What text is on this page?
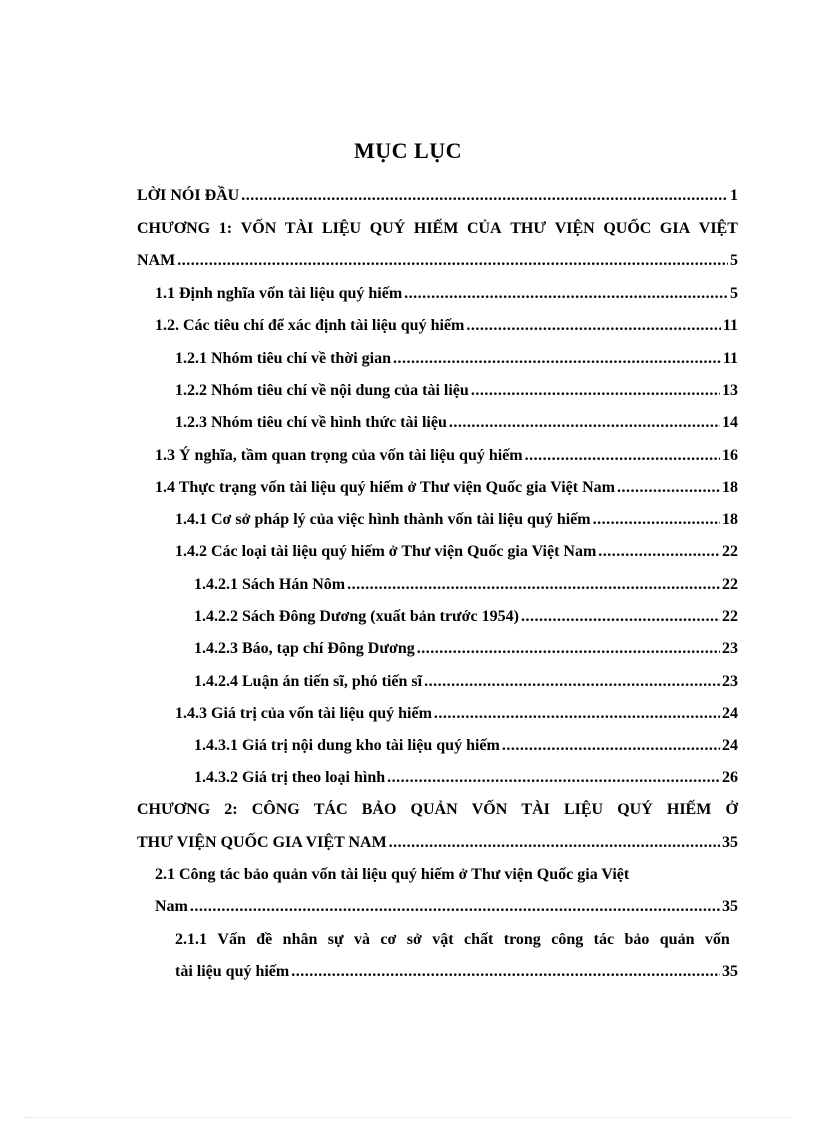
MỤC LỤC
LỜI NÓI ĐẦU .....	1
CHƯƠNG 1: VỐN TÀI LIỆU QUÝ HIẾM CỦA THƯ VIỆN QUỐC GIA VIỆT
NAM .....	5
1.1 Định nghĩa vốn tài liệu quý hiếm .....	5
1.2. Các tiêu chí để xác định tài liệu quý hiếm .....	11
1.2.1 Nhóm tiêu chí về thời gian .....	11
1.2.2 Nhóm tiêu chí về nội dung của tài liệu .....	13
1.2.3 Nhóm tiêu chí về hình thức tài liệu .....	14
1.3 Ý nghĩa, tầm quan trọng của vốn tài liệu quý hiếm .....	16
1.4 Thực trạng vốn tài liệu quý hiếm ở Thư viện Quốc gia Việt Nam .....	18
1.4.1 Cơ sở pháp lý của việc hình thành vốn tài liệu quý hiếm .....	18
1.4.2 Các loại tài liệu quý hiếm ở Thư viện Quốc gia Việt Nam .....	22
1.4.2.1 Sách Hán Nôm .....	22
1.4.2.2 Sách Đông Dương (xuất bản trước 1954) .....	22
1.4.2.3 Báo, tạp chí Đông Dương .....	23
1.4.2.4 Luận án tiến sĩ, phó tiến sĩ .....	23
1.4.3 Giá trị của vốn tài liệu quý hiếm .....	24
1.4.3.1 Giá trị nội dung kho tài liệu quý hiếm .....	24
1.4.3.2 Giá trị theo loại hình .....	26
CHƯƠNG 2: CÔNG TÁC BẢO QUẢN VỐN TÀI LIỆU QUÝ HIẾM Ở
THƯ VIỆN QUỐC GIA VIỆT NAM .....	35
2.1 Công tác bảo quản vốn tài liệu quý hiếm ở Thư viện Quốc gia Việt
Nam .....	35
2.1.1 Vấn đề nhân sự và cơ sở vật chất trong công tác bảo quản vốn
tài liệu quý hiếm .....	35
